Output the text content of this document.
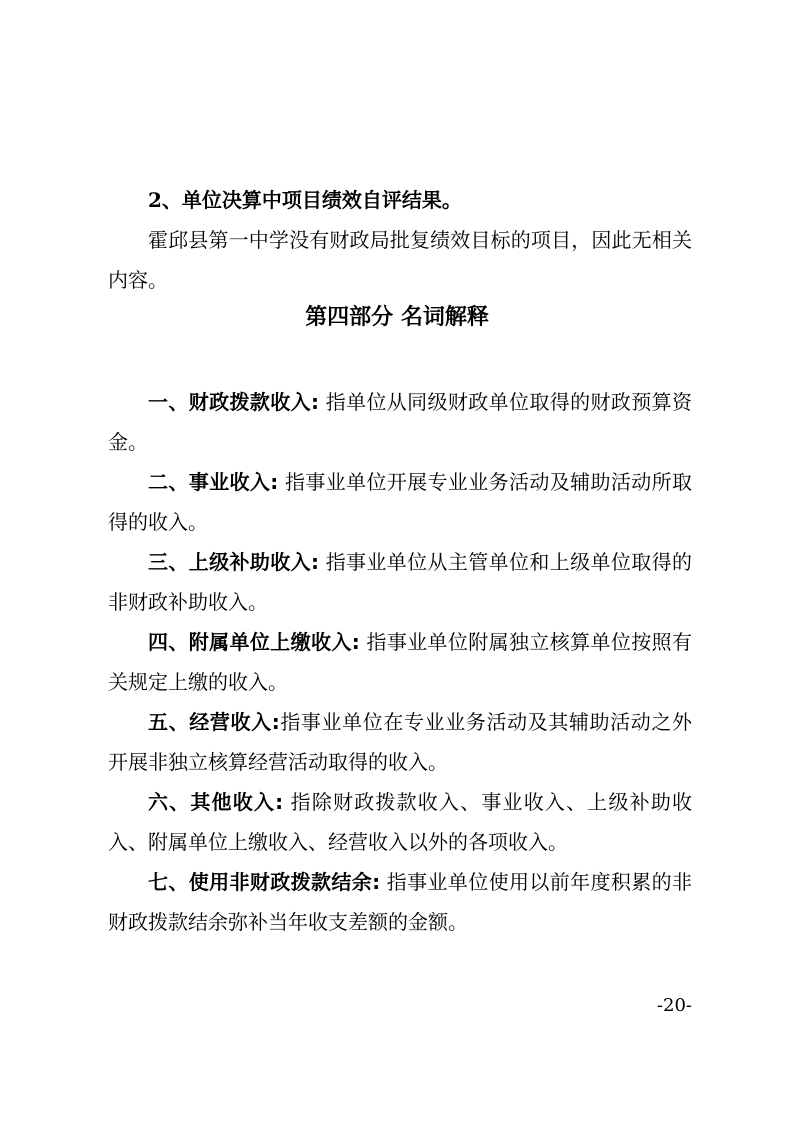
2、单位决算中项目绩效自评结果。

霍邱县第一中学没有财政局批复绩效目标的项目，因此无相关内容。

第四部分 名词解释

一、财政拨款收入: 指单位从同级财政单位取得的财政预算资金。

二、事业收入: 指事业单位开展专业业务活动及辅助活动所取得的收入。

三、上级补助收入: 指事业单位从主管单位和上级单位取得的非财政补助收入。

四、附属单位上缴收入: 指事业单位附属独立核算单位按照有关规定上缴的收入。

五、经营收入:指事业单位在专业业务活动及其辅助活动之外开展非独立核算经营活动取得的收入。

六、其他收入: 指除财政拨款收入、事业收入、上级补助收入、附属单位上缴收入、经营收入以外的各项收入。

七、使用非财政拨款结余: 指事业单位使用以前年度积累的非财政拨款结余弥补当年收支差额的金额。

-20-
